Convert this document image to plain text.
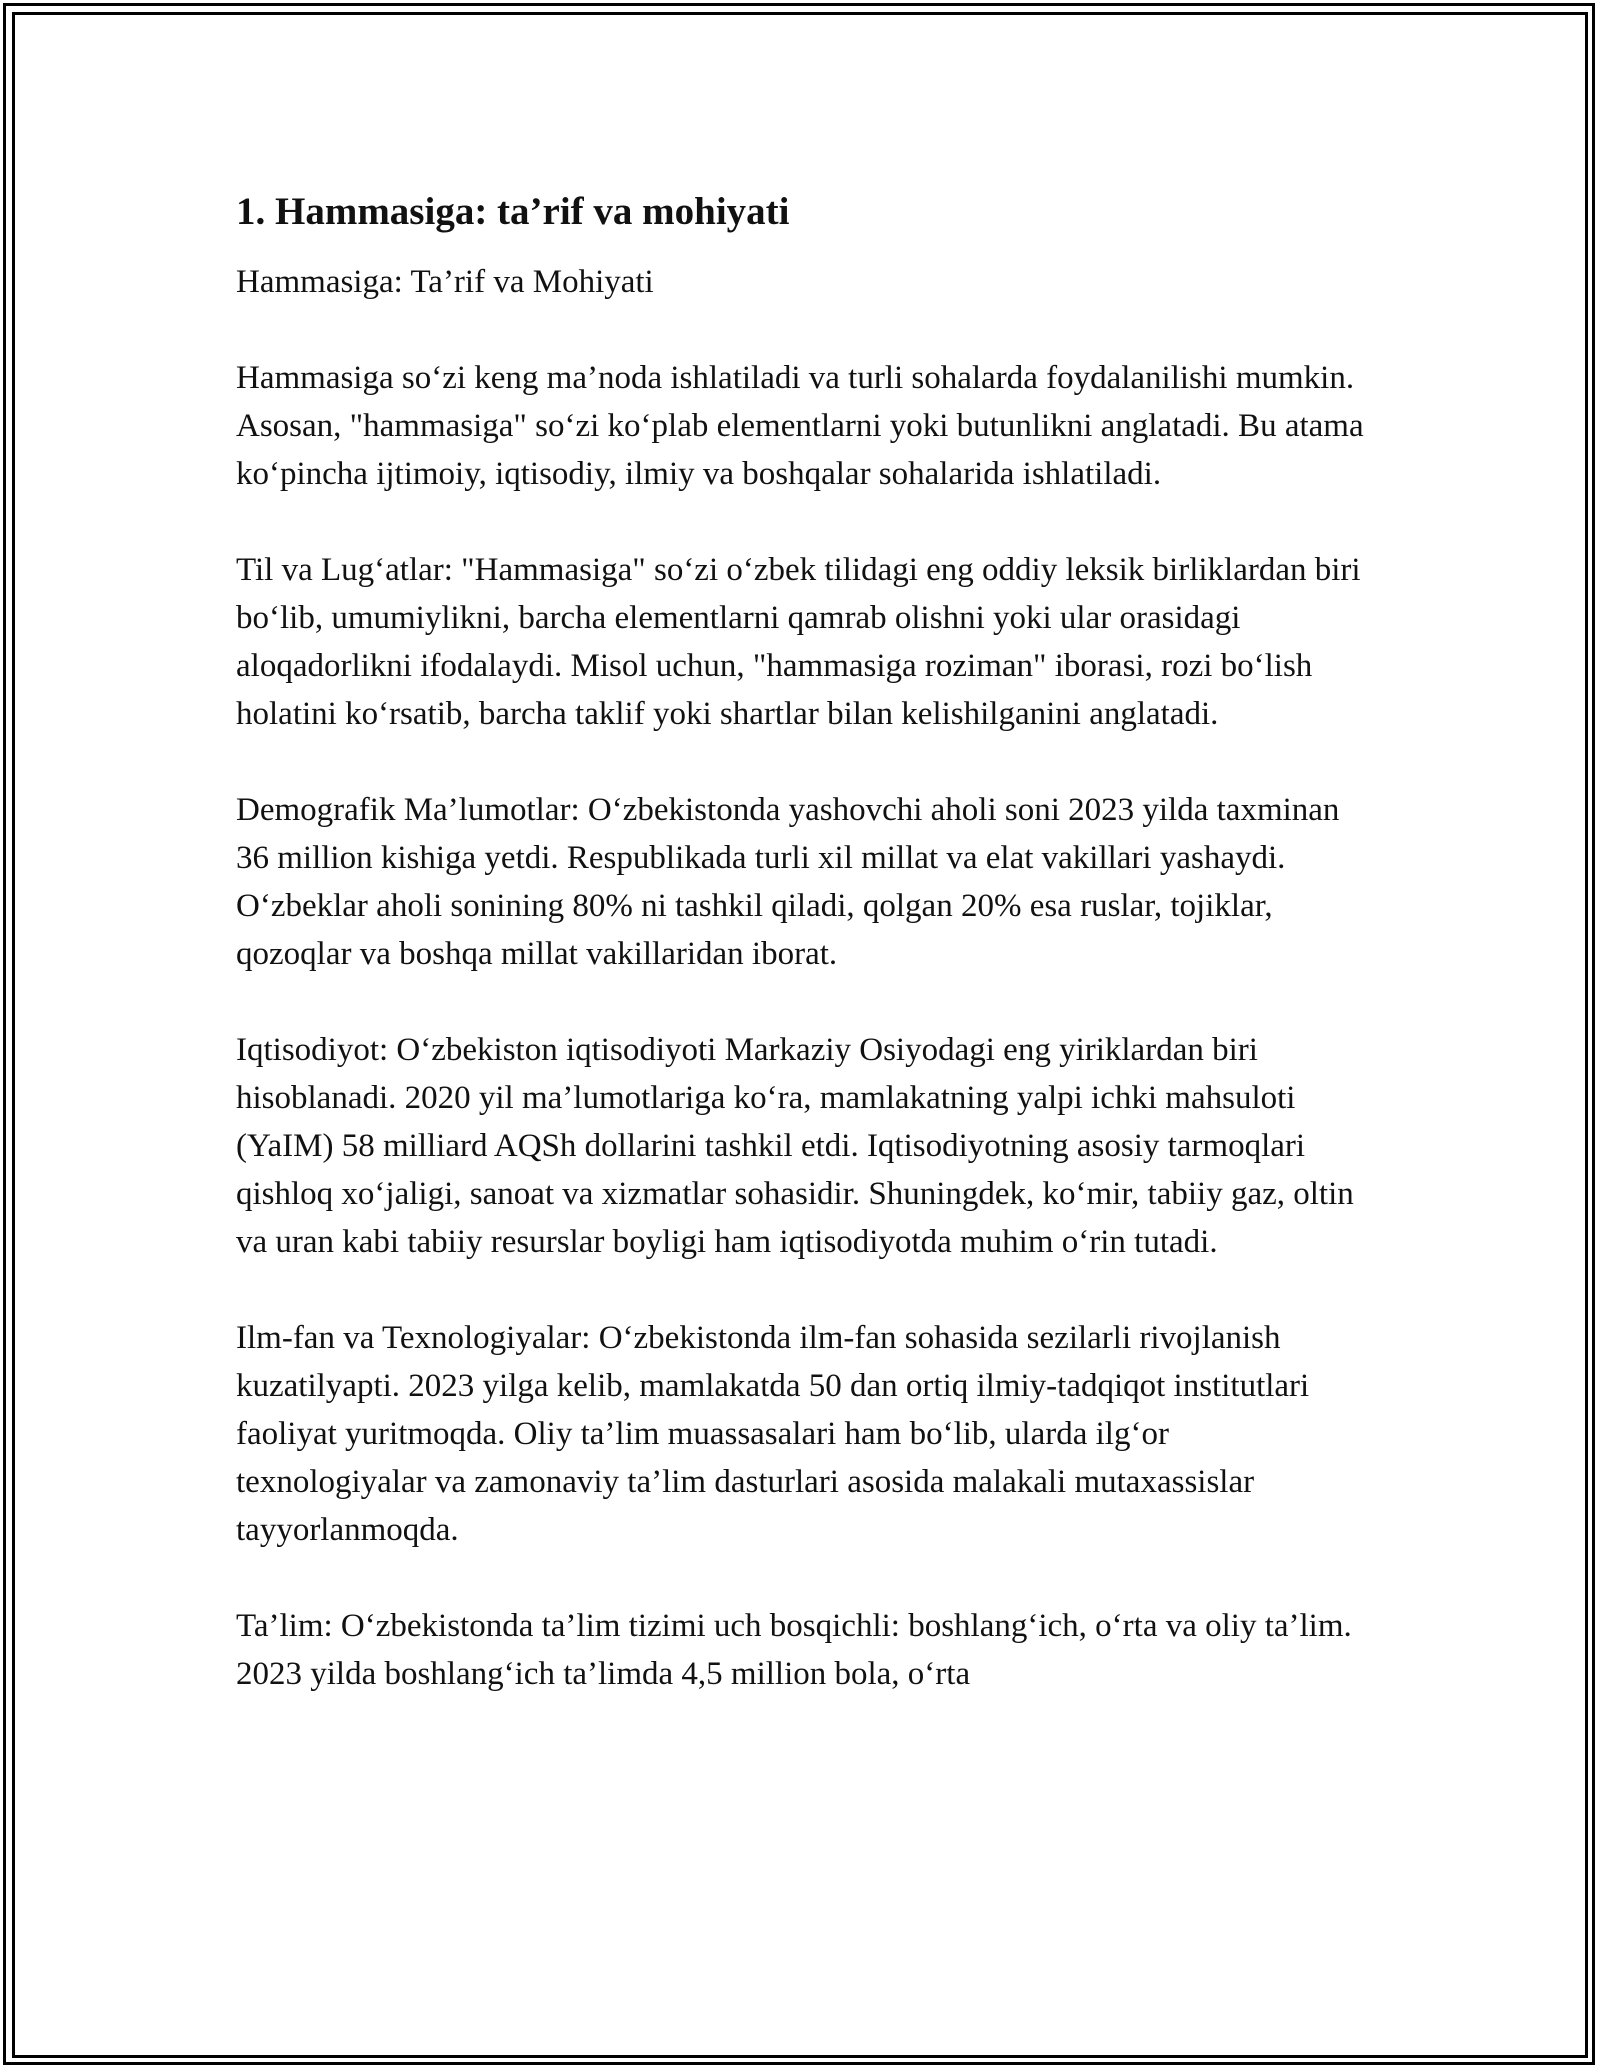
1. Hammasiga: ta’rif va mohiyati
Hammasiga: Ta’rif va Mohiyati

Hammasiga so‘zi keng ma’noda ishlatiladi va turli sohalarda foydalanilishi mumkin. Asosan, "hammasiga" so‘zi ko‘plab elementlarni yoki butunlikni anglatadi. Bu atama ko‘pincha ijtimoiy, iqtisodiy, ilmiy va boshqalar sohalarida ishlatiladi.

Til va Lug‘atlar: "Hammasiga" so‘zi o‘zbek tilidagi eng oddiy leksik birliklardan biri bo‘lib, umumiylikni, barcha elementlarni qamrab olishni yoki ular orasidagi aloqadorlikni ifodalaydi. Misol uchun, "hammasiga roziman" iborasi, rozi bo‘lish holatini ko‘rsatib, barcha taklif yoki shartlar bilan kelishilganini anglatadi.

Demografik Ma’lumotlar: O‘zbekistonda yashovchi aholi soni 2023 yilda taxminan 36 million kishiga yetdi. Respublikada turli xil millat va elat vakillari yashaydi. O‘zbeklar aholi sonining 80% ni tashkil qiladi, qolgan 20% esa ruslar, tojiklar, qozoqlar va boshqa millat vakillaridan iborat.

Iqtisodiyot: O‘zbekiston iqtisodiyoti Markaziy Osiyodagi eng yiriklardan biri hisoblanadi. 2020 yil ma’lumotlariga ko‘ra, mamlakatning yalpi ichki mahsuloti (YaIM) 58 milliard AQSh dollarini tashkil etdi. Iqtisodiyotning asosiy tarmoqlari qishloq xo‘jaligi, sanoat va xizmatlar sohasidir. Shuningdek, ko‘mir, tabiiy gaz, oltin va uran kabi tabiiy resurslar boyligi ham iqtisodiyotda muhim o‘rin tutadi.

Ilm-fan va Texnologiyalar: O‘zbekistonda ilm-fan sohasida sezilarli rivojlanish kuzatilyapti. 2023 yilga kelib, mamlakatda 50 dan ortiq ilmiy-tadqiqot institutlari faoliyat yuritmoqda. Oliy ta’lim muassasalari ham bo‘lib, ularda ilg‘or texnologiyalar va zamonaviy ta’lim dasturlari asosida malakali mutaxassislar tayyorlanmoqda.

Ta’lim: O‘zbekistonda ta’lim tizimi uch bosqichli: boshlang‘ich, o‘rta va oliy ta’lim. 2023 yilda boshlang‘ich ta’limda 4,5 million bola, o‘rta
